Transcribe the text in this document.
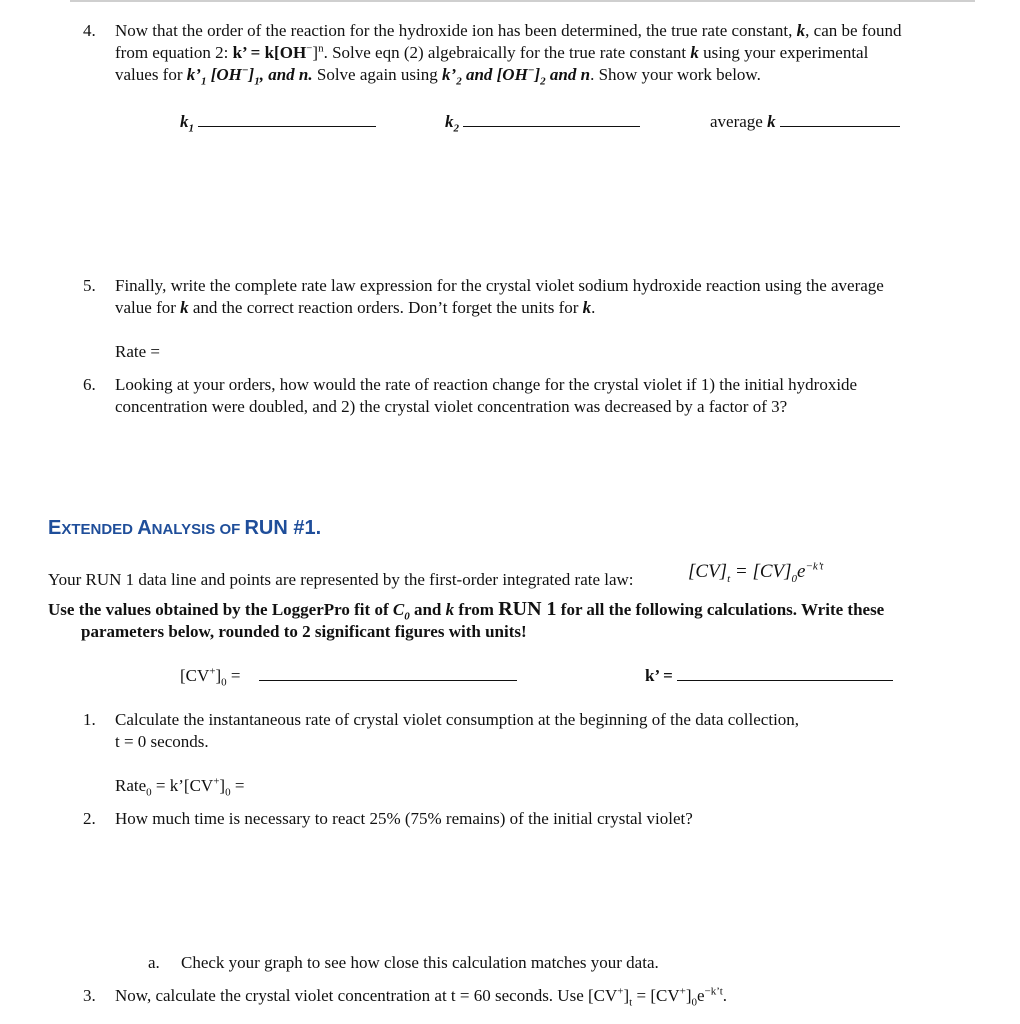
4.	Now that the order of the reaction for the hydroxide ion has been determined, the true rate constant, k, can be found
from equation 2: k’ = $k[OH^-]^n$. Solve eqn (2) algebraically for the true rate constant k using your experimental
values for $k’_1$ $[OH^-]_1$, and n. Solve again using $k’_2$ and $[OH^-]_2$ and n. Show your work below.
$k_1$	$k_2$	average k
5.	Finally, write the complete rate law expression for the crystal violet sodium hydroxide reaction using the average
value for k and the correct reaction orders. Don’t forget the units for k.
Rate =
6.	Looking at your orders, how would the rate of reaction change for the crystal violet if 1) the initial hydroxide
concentration were doubled, and 2) the crystal violet concentration was decreased by a factor of 3?
EXTENDED ANALYSIS OF RUN #1.
Your RUN 1 data line and points are represented by the first-order integrated rate law:	$[CV]_t = [CV]_0e^{-k’t}$
Use the values obtained by the LoggerPro fit of $C_0$ and k from RUN 1 for all the following calculations. Write these
parameters below, rounded to 2 significant figures with units!
$[CV^+]_0$ =	k’ =
1.	Calculate the instantaneous rate of crystal violet consumption at the beginning of the data collection,
t = 0 seconds.
Rate$_0$ = $k’[CV^+]_0$ =
2.	How much time is necessary to react 25% (75% remains) of the initial crystal violet?
a. Check your graph to see how close this calculation matches your data.
3.	Now, calculate the crystal violet concentration at t = 60 seconds. Use $[CV^+]_t = [CV^+]_0e^{-k’t}$.
